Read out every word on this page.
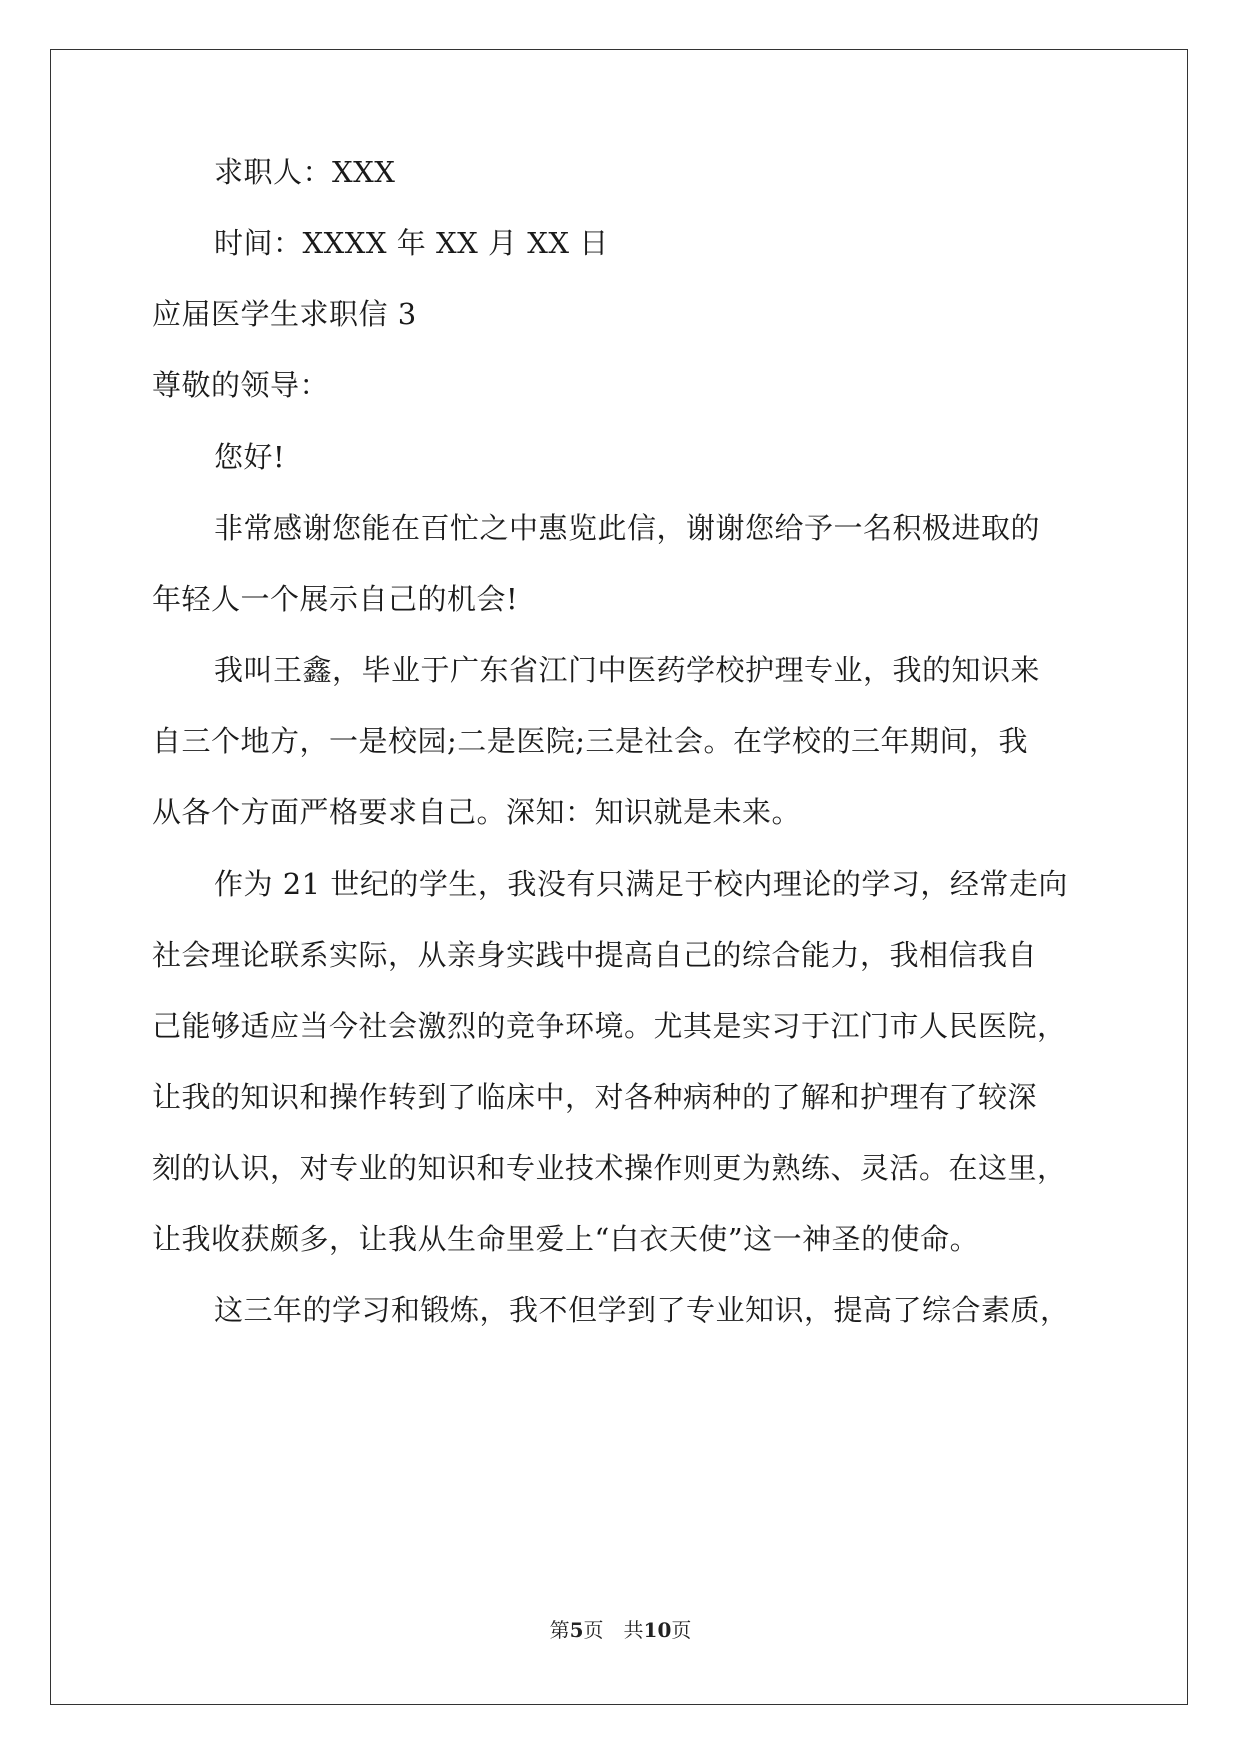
求职人：XXX
时间：XXXX 年 XX 月 XX 日
应届医学生求职信 3
尊敬的领导：
您好!
非常感谢您能在百忙之中惠览此信，谢谢您给予一名积极进取的
年轻人一个展示自己的机会!
我叫王鑫，毕业于广东省江门中医药学校护理专业，我的知识来
自三个地方，一是校园;二是医院;三是社会。在学校的三年期间，我
从各个方面严格要求自己。深知：知识就是未来。
作为 21 世纪的学生，我没有只满足于校内理论的学习，经常走向
社会理论联系实际，从亲身实践中提高自己的综合能力，我相信我自
己能够适应当今社会激烈的竞争环境。尤其是实习于江门市人民医院，
让我的知识和操作转到了临床中，对各种病种的了解和护理有了较深
刻的认识，对专业的知识和专业技术操作则更为熟练、灵活。在这里，
让我收获颇多，让我从生命里爱上“白衣天使”这一神圣的使命。
这三年的学习和锻炼，我不但学到了专业知识，提高了综合素质，
第5页 共10页
